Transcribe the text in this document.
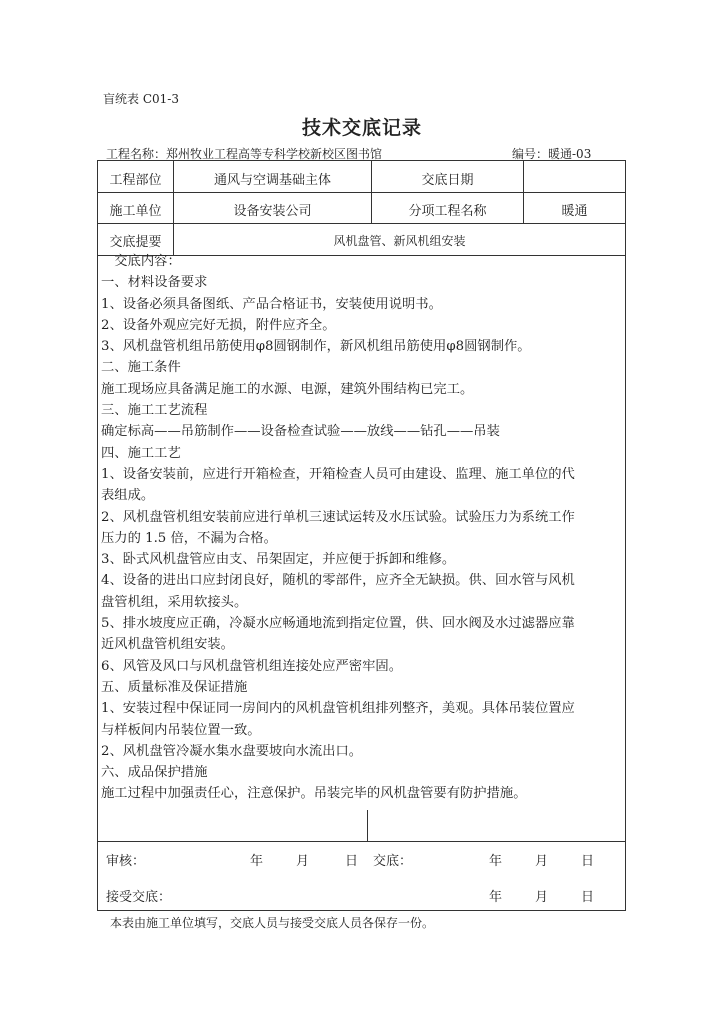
盲统表 C01-3
技术交底记录
工程名称：郑州牧业工程高等专科学校新校区图书馆	编号：暖通-03
工程部位	通风与空调基础主体	交底日期
施工单位	设备安装公司	分项工程名称	暖通
交底提要	风机盘管、新风机组安装
　交底内容：
一、材料设备要求
1、设备必须具备图纸、产品合格证书，安装使用说明书。
2、设备外观应完好无损，附件应齐全。
3、风机盘管机组吊筋使用φ8圆钢制作，新风机组吊筋使用φ8圆钢制作。
二、施工条件
施工现场应具备满足施工的水源、电源，建筑外围结构已完工。
三、施工工艺流程
确定标高——吊筋制作——设备检查试验——放线——钻孔——吊装
四、施工工艺
1、设备安装前，应进行开箱检查，开箱检查人员可由建设、监理、施工单位的代
表组成。
2、风机盘管机组安装前应进行单机三速试运转及水压试验。试验压力为系统工作
压力的 1.5 倍，不漏为合格。
3、卧式风机盘管应由支、吊架固定，并应便于拆卸和维修。
4、设备的进出口应封闭良好，随机的零部件，应齐全无缺损。供、回水管与风机
盘管机组，采用软接头。
5、排水坡度应正确，冷凝水应畅通地流到指定位置，供、回水阀及水过滤器应靠
近风机盘管机组安装。
6、风管及风口与风机盘管机组连接处应严密牢固。
五、质量标准及保证措施
1、安装过程中保证同一房间内的风机盘管机组排列整齐，美观。具体吊装位置应
与样板间内吊装位置一致。
2、风机盘管冷凝水集水盘要坡向水流出口。
六、成品保护措施
施工过程中加强责任心，注意保护。吊装完毕的风机盘管要有防护措施。
审核：	年	月	日 交底：	年	月	日
接受交底：	年	月	日
本表由施工单位填写，交底人员与接受交底人员各保存一份。
